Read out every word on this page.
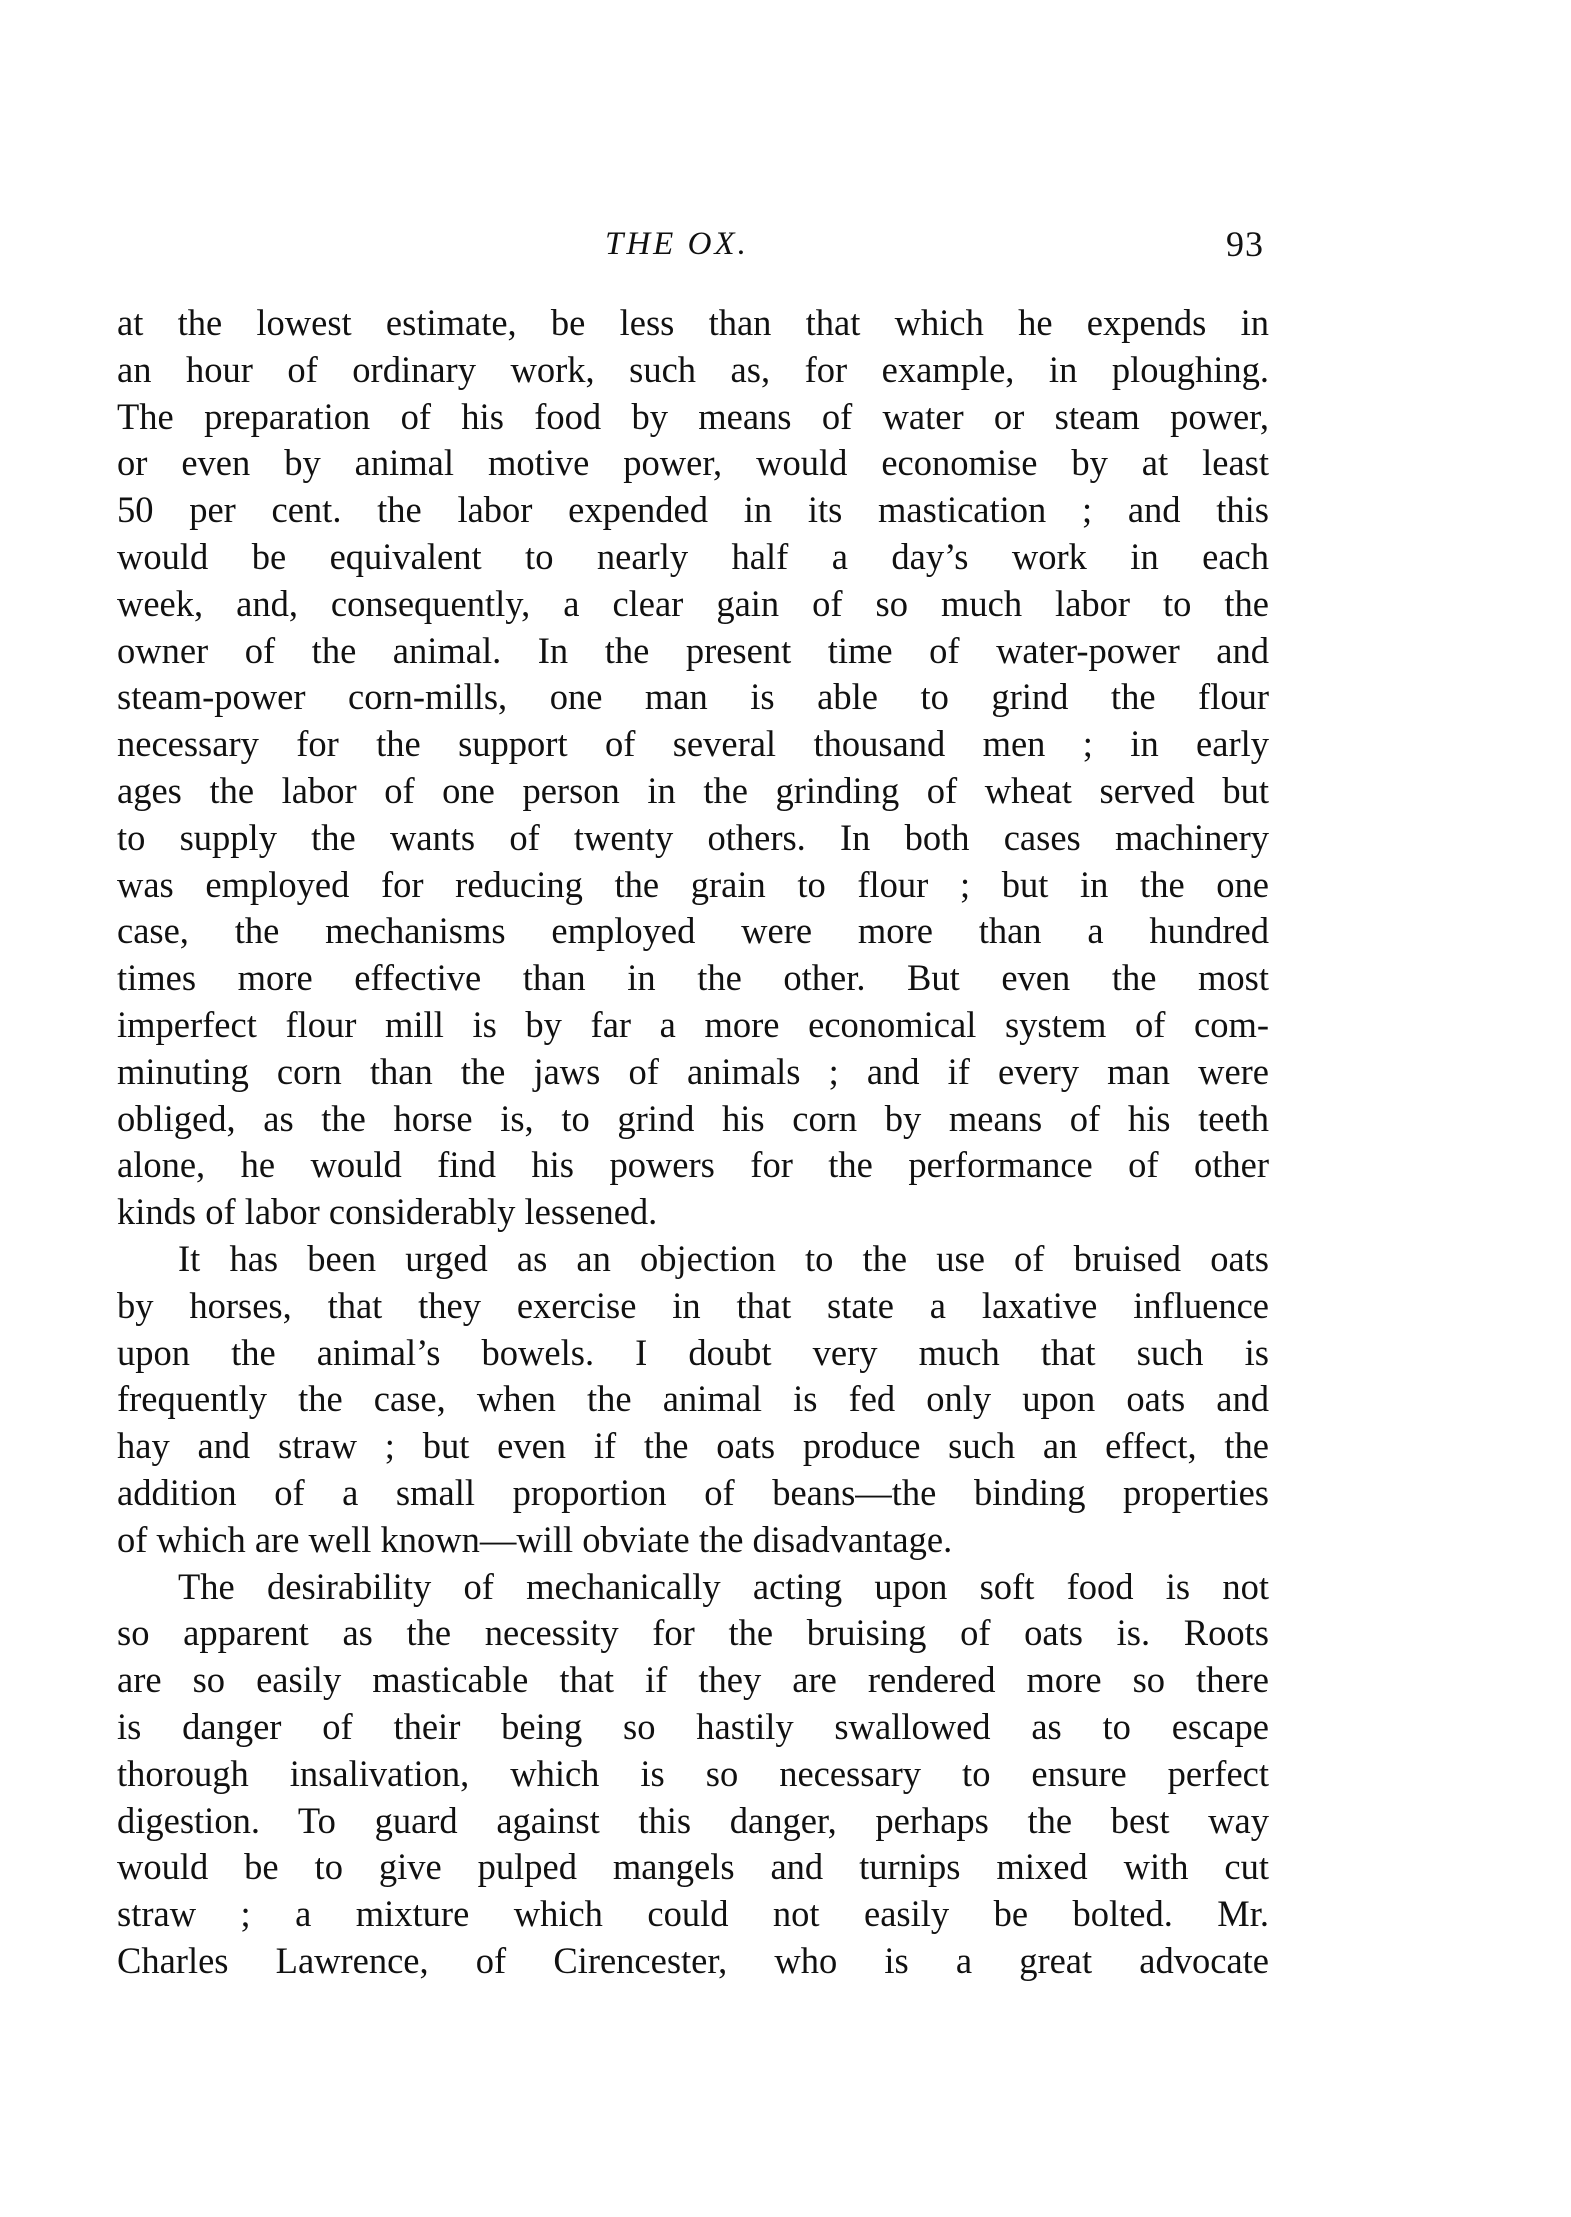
THE OX.	93
at the lowest estimate, be less than that which he expends in
an hour of ordinary work, such as, for example, in ploughing.
The preparation of his food by means of water or steam power,
or even by animal motive power, would economise by at least
50 per cent. the labor expended in its mastication ; and this
would be equivalent to nearly half a day’s work in each
week, and, consequently, a clear gain of so much labor to the
owner of the animal. In the present time of water-power and
steam-power corn-mills, one man is able to grind the flour
necessary for the support of several thousand men ; in early
ages the labor of one person in the grinding of wheat served but
to supply the wants of twenty others. In both cases machinery
was employed for reducing the grain to flour ; but in the one
case, the mechanisms employed were more than a hundred
times more effective than in the other. But even the most
imperfect flour mill is by far a more economical system of com-
minuting corn than the jaws of animals ; and if every man were
obliged, as the horse is, to grind his corn by means of his teeth
alone, he would find his powers for the performance of other
kinds of labor considerably lessened.
It has been urged as an objection to the use of bruised oats
by horses, that they exercise in that state a laxative influence
upon the animal’s bowels. I doubt very much that such is
frequently the case, when the animal is fed only upon oats and
hay and straw ; but even if the oats produce such an effect, the
addition of a small proportion of beans—the binding properties
of which are well known—will obviate the disadvantage.
The desirability of mechanically acting upon soft food is not
so apparent as the necessity for the bruising of oats is. Roots
are so easily masticable that if they are rendered more so there
is danger of their being so hastily swallowed as to escape
thorough insalivation, which is so necessary to ensure perfect
digestion. To guard against this danger, perhaps the best way
would be to give pulped mangels and turnips mixed with cut
straw ; a mixture which could not easily be bolted. Mr.
Charles Lawrence, of Cirencester, who is a great advocate
